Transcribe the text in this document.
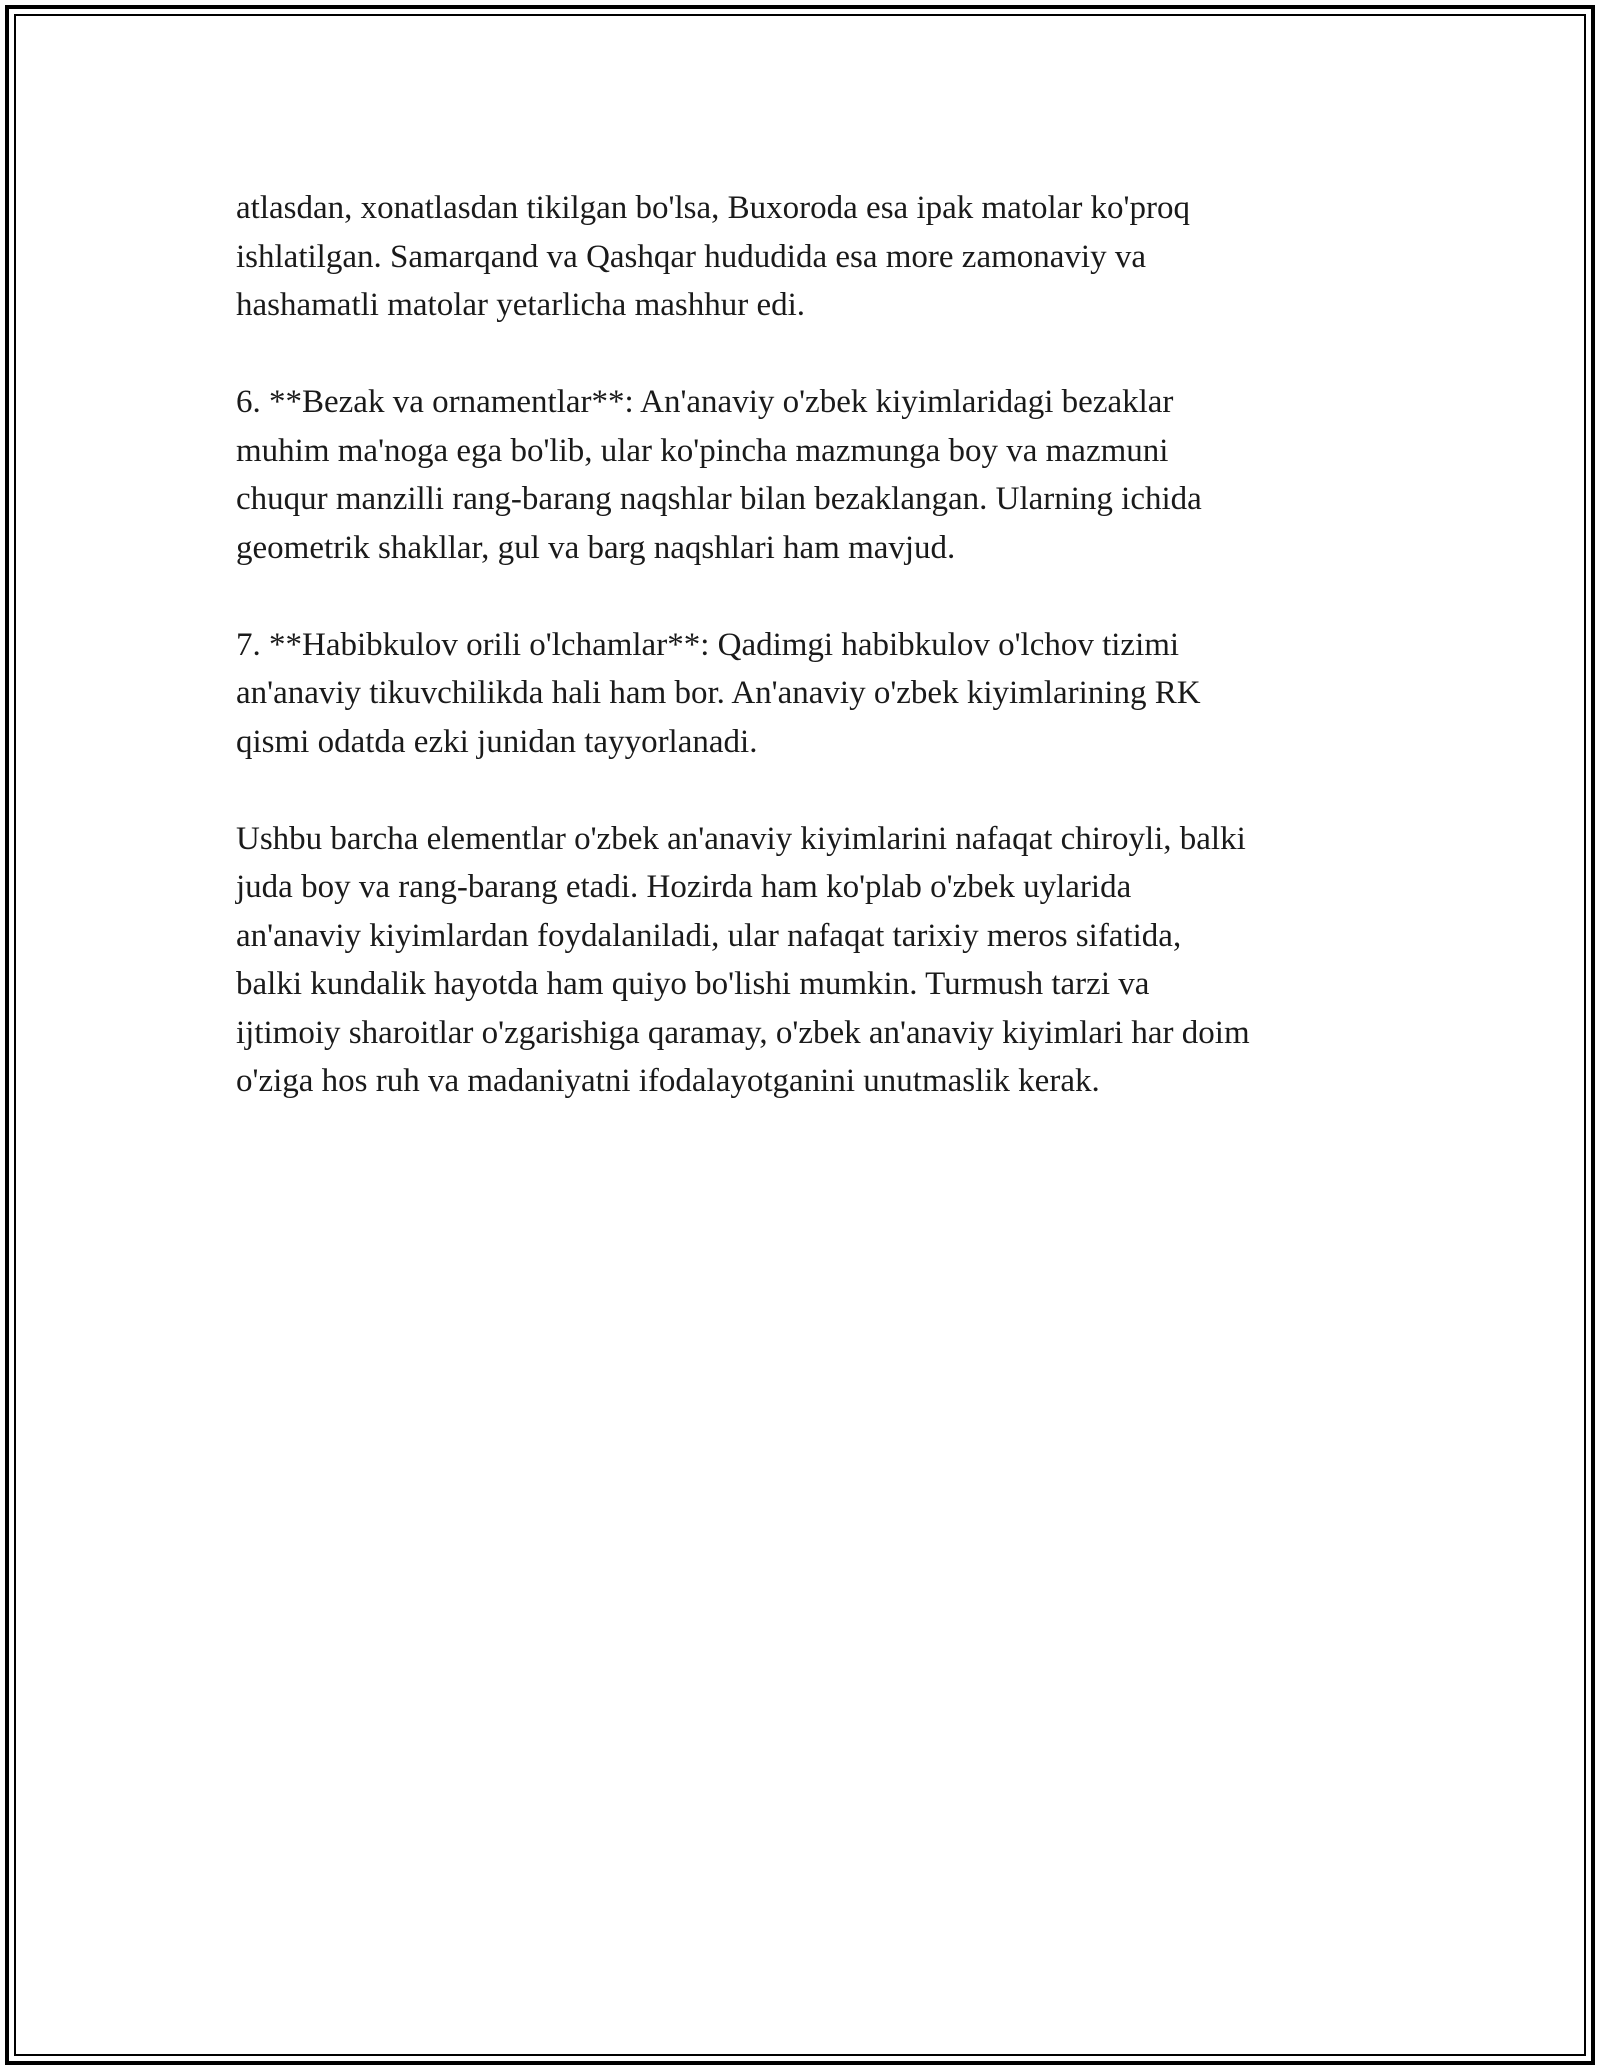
atlasdan, xonatlasdan tikilgan bo'lsa, Buxoroda esa ipak matolar ko'proq
ishlatilgan. Samarqand va Qashqar hududida esa more zamonaviy va
hashamatli matolar yetarlicha mashhur edi.

6. **Bezak va ornamentlar**: An'anaviy o'zbek kiyimlaridagi bezaklar
muhim ma'noga ega bo'lib, ular ko'pincha mazmunga boy va mazmuni
chuqur manzilli rang-barang naqshlar bilan bezaklangan. Ularning ichida
geometrik shakllar, gul va barg naqshlari ham mavjud.

7. **Habibkulov orili o'lchamlar**: Qadimgi habibkulov o'lchov tizimi
an'anaviy tikuvchilikda hali ham bor. An'anaviy o'zbek kiyimlarining RK
qismi odatda ezki junidan tayyorlanadi.

Ushbu barcha elementlar o'zbek an'anaviy kiyimlarini nafaqat chiroyli, balki
juda boy va rang-barang etadi. Hozirda ham ko'plab o'zbek uylarida
an'anaviy kiyimlardan foydalaniladi, ular nafaqat tarixiy meros sifatida,
balki kundalik hayotda ham quiyo bo'lishi mumkin. Turmush tarzi va
ijtimoiy sharoitlar o'zgarishiga qaramay, o'zbek an'anaviy kiyimlari har doim
o'ziga hos ruh va madaniyatni ifodalayotganini unutmaslik kerak.
